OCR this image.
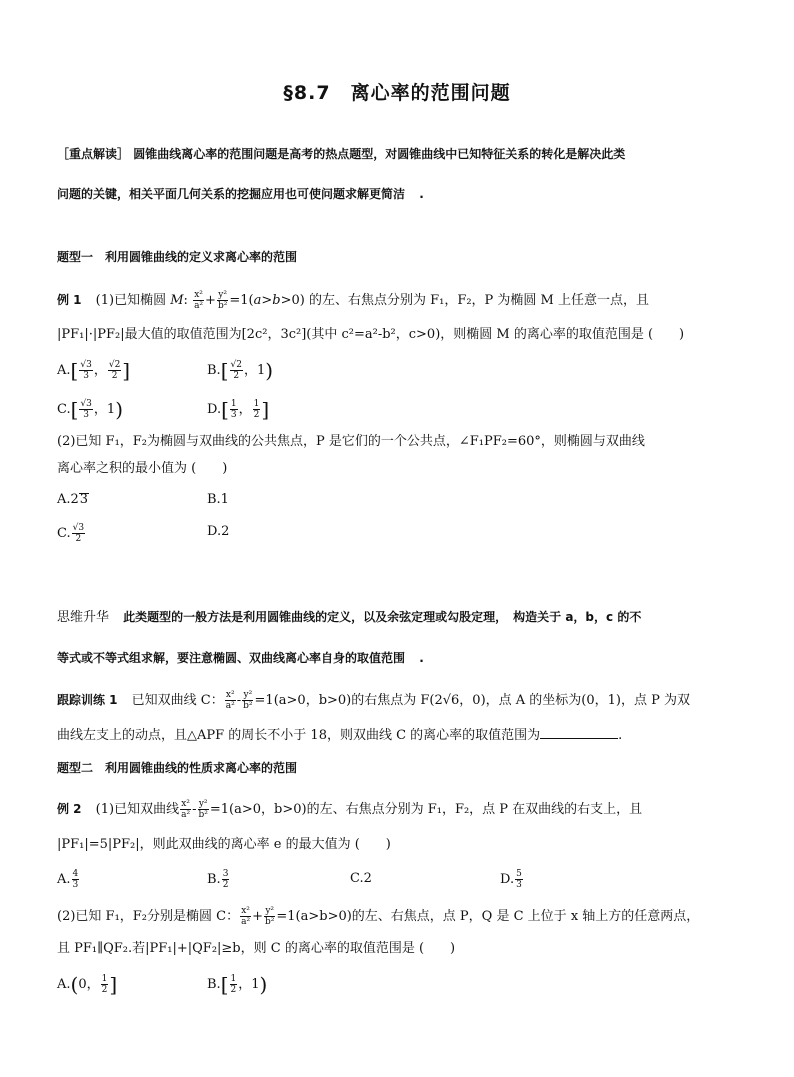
§8.7　离心率的范围问题
［重点解读］ 圆锥曲线离心率的范围问题是高考的热点题型，对圆锥曲线中已知特征关系的转化是解决此类
问题的关键，相关平面几何关系的挖掘应用也可使问题求解更简洁 .
题型一　利用圆锥曲线的定义求离心率的范围
例 1 (1)已知椭圆 M: $\frac{\text{x²}}{\text{a²}} + \frac{\text{y²}}{\text{b²}} =1(a>b>0)$ 的左、右焦点分别为 F₁，F₂，P 为椭圆 M 上任意一点，且
|PF₁|·|PF₂|最大值的取值范围为[2c²，3c²](其中 c²=a²-b²，c>0)，则椭圆 M 的离心率的取值范围是 (　　)
$A.[ \frac{√3}{3}$ ， $\frac{√2}{2}$ ]	$B.[ \frac{√2}{2}$ ，1)
$C.[ \frac{√3}{3}$ ，1)	$D.[ \frac{1}{3}$ ， $\frac{1}{2}$ ]
(2)已知 F₁，F₂为椭圆与双曲线的公共焦点，P 是它们的一个公共点，∠F₁PF₂=60°，则椭圆与双曲线
离心率之积的最小值为 (　　)
A.23	B.1
C. $\frac{√3}{2}$	D.2
思维升华 此类题型的一般方法是利用圆锥曲线的定义，以及余弦定理或勾股定理，　构造关于 a，b，c 的不
等式或不等式组求解，要注意椭圆、双曲线离心率自身的取值范围 .
跟踪训练 1 已知双曲线 C： $\frac{\text{x²}}{\text{a²}} - \frac{\text{y²}}{\text{b²}} =1(a>0$，b>0)的右焦点为 F(2√6，0)，点 A 的坐标为(0，1)，点 P 为双
曲线左支上的动点，且△APF 的周长不小于 18，则双曲线 C 的离心率的取值范围为	.
题型二　利用圆锥曲线的性质求离心率的范围
例 2 (1)已知双曲线 $\frac{\text{x²}}{\text{a²}} - \frac{\text{y²}}{\text{b²}} =1(a>0$，b>0)的左、右焦点分别为 F₁，F₂，点 P 在双曲线的右支上，且
|PF₁|=5|PF₂|，则此双曲线的离心率 e 的最大值为 (　　)
A. $\frac{4}{3}$	B. $\frac{3}{2}$	C.2	D. $\frac{5}{3}$
(2)已知 F₁，F₂分别是椭圆 C： $\frac{\text{x²}}{\text{a²}} + \frac{\text{y²}}{\text{b²}} =1(a>b>0)$的左、右焦点，点 P，Q 是 C 上位于 x 轴上方的任意两点，
且 PF₁∥QF₂.若|PF₁|+|QF₂|≥b，则 C 的离心率的取值范围是 (　　)
A.(0， $\frac{1}{2}$ ]	$B.[ \frac{1}{2}$ ，1)
